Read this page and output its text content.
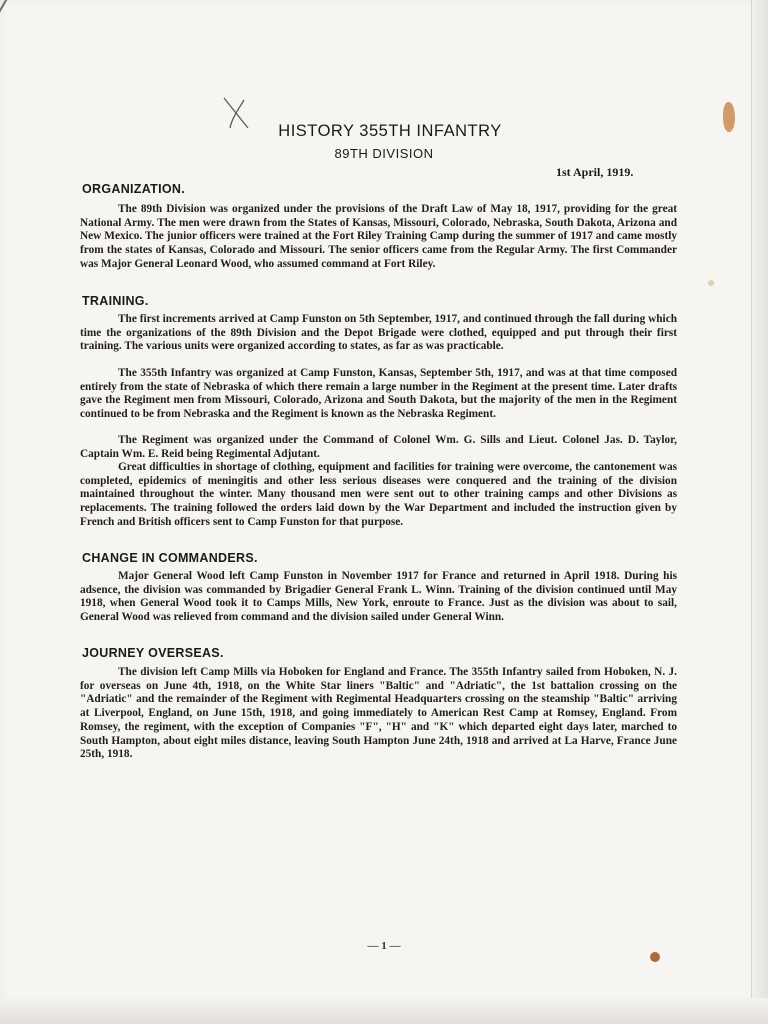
HISTORY 355TH INFANTRY
89TH DIVISION
1st April, 1919.
ORGANIZATION.
The 89th Division was organized under the provisions of the Draft Law of May 18, 1917, providing for the great National Army. The men were drawn from the States of Kansas, Missouri, Colorado, Nebraska, South Dakota, Arizona and New Mexico. The junior officers were trained at the Fort Riley Training Camp during the summer of 1917 and came mostly from the states of Kansas, Colorado and Missouri. The senior officers came from the Regular Army. The first Commander was Major General Leonard Wood, who assumed command at Fort Riley.
TRAINING.
The first increments arrived at Camp Funston on 5th September, 1917, and continued through the fall during which time the organizations of the 89th Division and the Depot Brigade were clothed, equipped and put through their first training. The various units were organized according to states, as far as was practicable.
The 355th Infantry was organized at Camp Funston, Kansas, September 5th, 1917, and was at that time composed entirely from the state of Nebraska of which there remain a large number in the Regiment at the present time. Later drafts gave the Regiment men from Missouri, Colorado, Arizona and South Dakota, but the majority of the men in the Regiment continued to be from Nebraska and the Regiment is known as the Nebraska Regiment.
The Regiment was organized under the Command of Colonel Wm. G. Sills and Lieut. Colonel Jas. D. Taylor, Captain Wm. E. Reid being Regimental Adjutant.
Great difficulties in shortage of clothing, equipment and facilities for training were overcome, the cantonement was completed, epidemics of meningitis and other less serious diseases were conquered and the training of the division maintained throughout the winter. Many thousand men were sent out to other training camps and other Divisions as replacements. The training followed the orders laid down by the War Department and included the instruction given by French and British officers sent to Camp Funston for that purpose.
CHANGE IN COMMANDERS.
Major General Wood left Camp Funston in November 1917 for France and returned in April 1918. During his adsence, the division was commanded by Brigadier General Frank L. Winn. Training of the division continued until May 1918, when General Wood took it to Camps Mills, New York, enroute to France. Just as the division was about to sail, General Wood was relieved from command and the division sailed under General Winn.
JOURNEY OVERSEAS.
The division left Camp Mills via Hoboken for England and France. The 355th Infantry sailed from Hoboken, N. J. for overseas on June 4th, 1918, on the White Star liners "Baltic" and "Adriatic", the 1st battalion crossing on the "Adriatic" and the remainder of the Regiment with Regimental Headquarters crossing on the steamship "Baltic" arriving at Liverpool, England, on June 15th, 1918, and going immediately to American Rest Camp at Romsey, England. From Romsey, the regiment, with the exception of Companies "F", "H" and "K" which departed eight days later, marched to South Hampton, about eight miles distance, leaving South Hampton June 24th, 1918 and arrived at La Harve, France June 25th, 1918.
— 1 —
